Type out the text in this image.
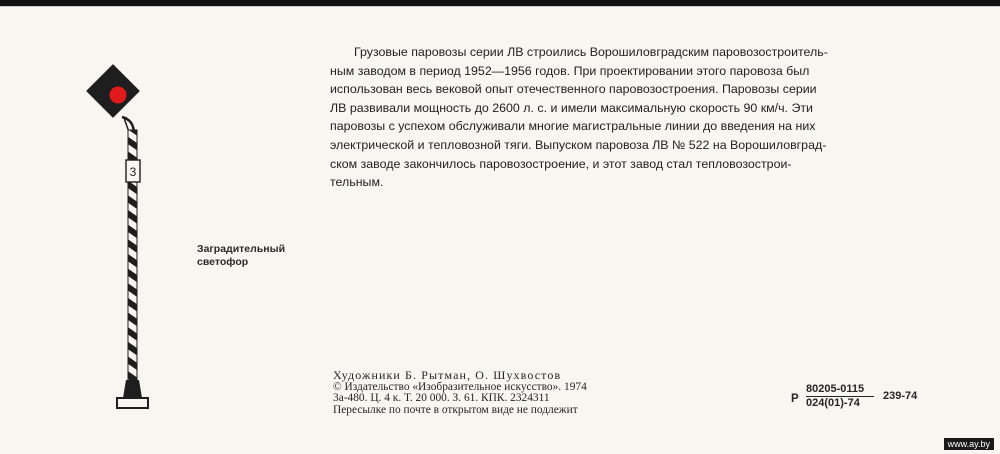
3
Заградительный
светофор

Грузовые паровозы серии ЛВ строились Ворошиловградским паровозостроитель-
ным заводом в период 1952—1956 годов. При проектировании этого паровоза был
использован весь вековой опыт отечественного паровозостроения. Паровозы серии
ЛВ развивали мощность до 2600 л. с. и имели максимальную скорость 90 км/ч. Эти
паровозы с успехом обслуживали многие магистральные линии до введения на них
электрической и тепловозной тяги. Выпуском паровоза ЛВ № 522 на Ворошиловград-
ском заводе закончилось паровозостроение, и этот завод стал тепловозострои-
тельным.

Художники Б. Рытман, О. Шухвостов
© Издательство «Изобразительное искусство». 1974
3а-480. Ц. 4 к. Т. 20 000. З. 61. КПК. 2324311
Пересылке по почте в открытом виде не подлежит
Р
80205-0115
024(01)-74
239-74
www.ay.by
